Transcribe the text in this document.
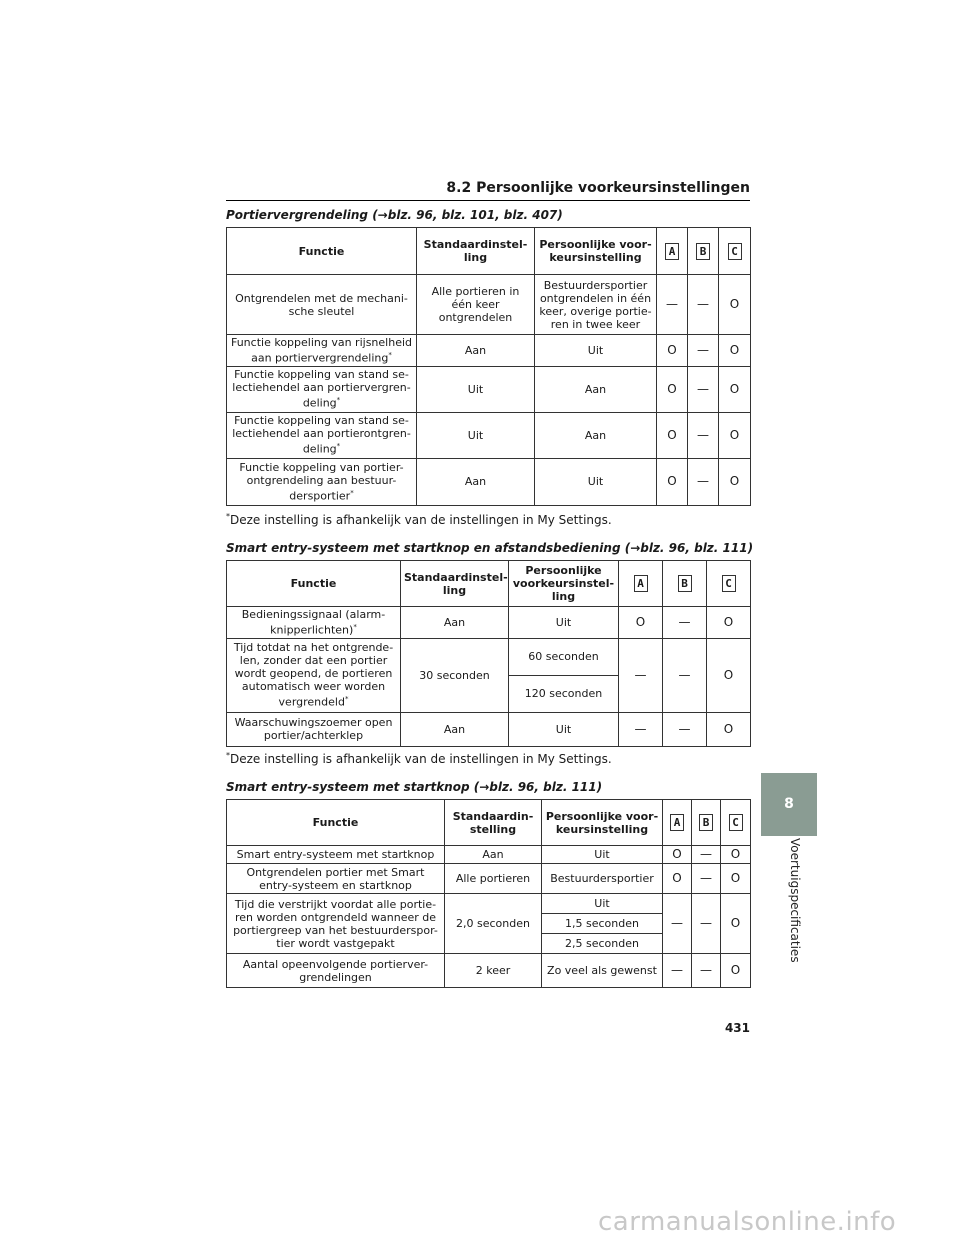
8.2 Persoonlijke voorkeursinstellingen
Portiervergrendeling (→blz. 96, blz. 101, blz. 407)
Functie	Standaardinstel-ling	Persoonlijke voor-keursinstelling	A	B	C
Ontgrendelen met de mechani-sche sleutel	Alle portieren in één keer ontgrendelen	Bestuurdersportier ontgrendelen in één keer, overige portie-ren in twee keer	—	—	O
Functie koppeling van rijsnelheid aan portiervergrendeling*	Aan	Uit	O	—	O
Functie koppeling van stand se-lectiehendel aan portiervergren-deling*	Uit	Aan	O	—	O
Functie koppeling van stand se-lectiehendel aan portierontgren-deling*	Uit	Aan	O	—	O
Functie koppeling van portier-ontgrendeling aan bestuur-dersportier*	Aan	Uit	O	—	O
*Deze instelling is afhankelijk van de instellingen in My Settings.
Smart entry-systeem met startknop en afstandsbediening (→blz. 96, blz. 111)
Functie	Standaardinstel-ling	Persoonlijke voorkeursinstel-ling	A	B	C
Bedieningssignaal (alarm-knipperlichten)*	Aan	Uit	O	—	O
Tijd totdat na het ontgrende-len, zonder dat een portier wordt geopend, de portieren automatisch weer worden vergrendeld*	30 seconden	60 seconden	—	—	O
		120 seconden			
Waarschuwingszoemer open portier/achterklep	Aan	Uit	—	—	O
*Deze instelling is afhankelijk van de instellingen in My Settings.
Smart entry-systeem met startknop (→blz. 96, blz. 111)
Functie	Standaardin-stelling	Persoonlijke voor-keursinstelling	A	B	C
Smart entry-systeem met startknop	Aan	Uit	O	—	O
Ontgrendelen portier met Smart entry-systeem en startknop	Alle portieren	Bestuurdersportier	O	—	O
Tijd die verstrijkt voordat alle portie-ren worden ontgrendeld wanneer de portiergreep van het bestuurderspor-tier wordt vastgepakt	2,0 seconden	Uit	—	—	O
		1,5 seconden			
		2,5 seconden			
Aantal opeenvolgende portierver-grendelingen	2 keer	Zo veel als gewenst	—	—	O
8
Voertuigspecificaties
431
carmanualsonline.info
